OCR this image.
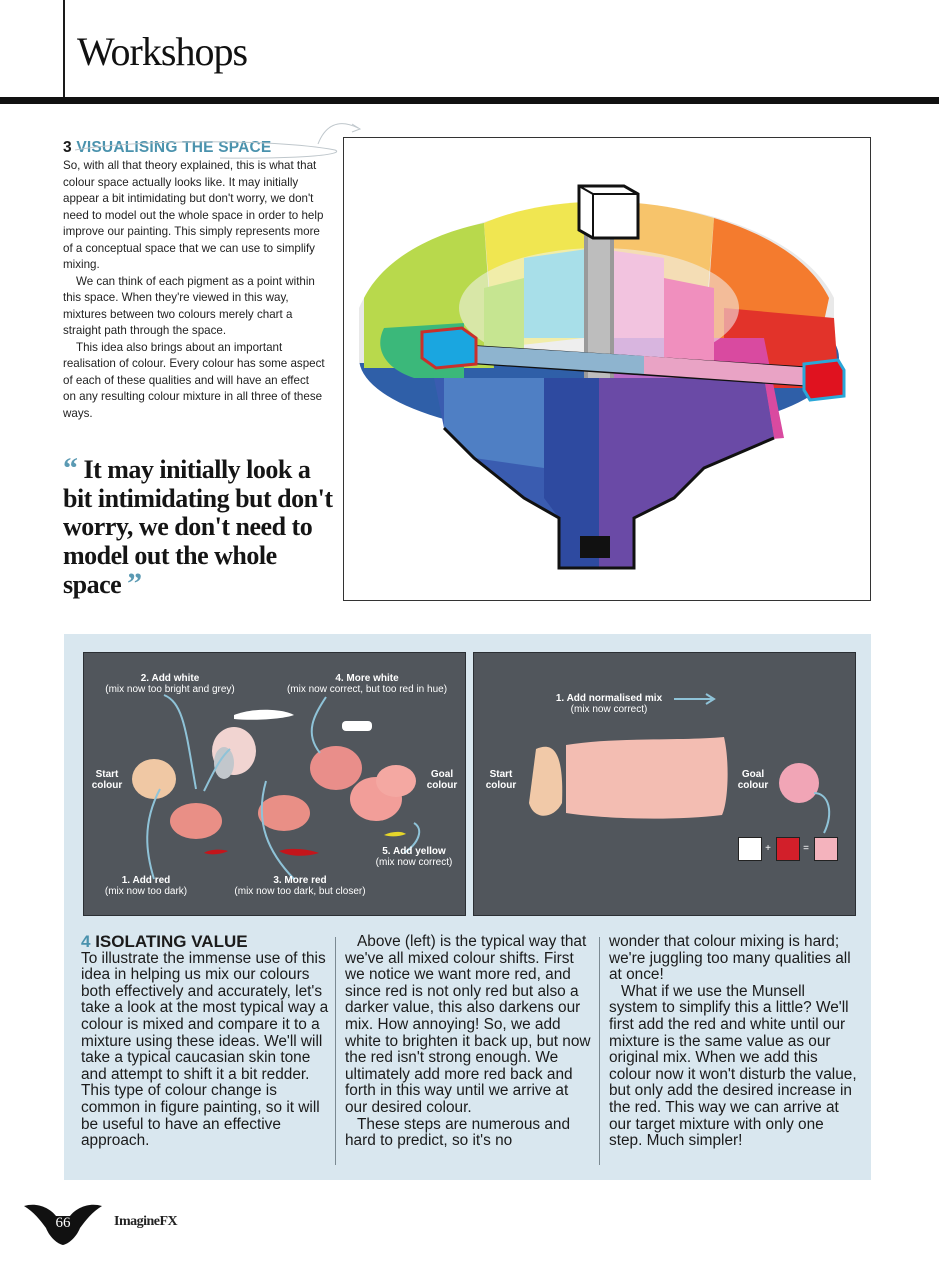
Workshops
3 VISUALISING THE SPACE

So, with all that theory explained, this is what that colour space actually looks like. It may initially appear a bit intimidating but don't worry, we don't need to model out the whole space in order to help improve our painting. This simply represents more of a conceptual space that we can use to simplify mixing.

We can think of each pigment as a point within this space. When they're viewed in this way, mixtures between two colours merely chart a straight path through the space.

This idea also brings about an important realisation of colour. Every colour has some aspect of each of these qualities and will have an effect on any resulting colour mixture in all three of these ways.

“ It may initially look a bit intimidating but don't worry, we don't need to model out the whole space ”
2. Add white
(mix now too bright and grey)
4. More white
(mix now correct, but too red in hue)
Start
colour
Goal
colour
5. Add yellow
(mix now correct)
1. Add red
(mix now too dark)
3. More red
(mix now too dark, but closer)
1. Add normalised mix
(mix now correct)
Start
colour
Goal
colour
+	=
4 ISOLATING VALUE

To illustrate the immense use of this idea in helping us mix our colours both effectively and accurately, let's take a look at the most typical way a colour is mixed and compare it to a mixture using these ideas. We'll will take a typical caucasian skin tone and attempt to shift it a bit redder. This type of colour change is common in figure painting, so it will be useful to have an effective approach.

Above (left) is the typical way that we've all mixed colour shifts. First we notice we want more red, and since red is not only red but also a darker value, this also darkens our mix. How annoying! So, we add white to brighten it back up, but now the red isn't strong enough. We ultimately add more red back and forth in this way until we arrive at our desired colour.

These steps are numerous and hard to predict, so it's no

wonder that colour mixing is hard; we're juggling too many qualities all at once!

What if we use the Munsell system to simplify this a little? We'll first add the red and white until our mixture is the same value as our original mix. When we add this colour now it won't disturb the value, but only add the desired increase in the red. This way we can arrive at our target mixture with only one step. Much simpler!

66	ImagineFX
